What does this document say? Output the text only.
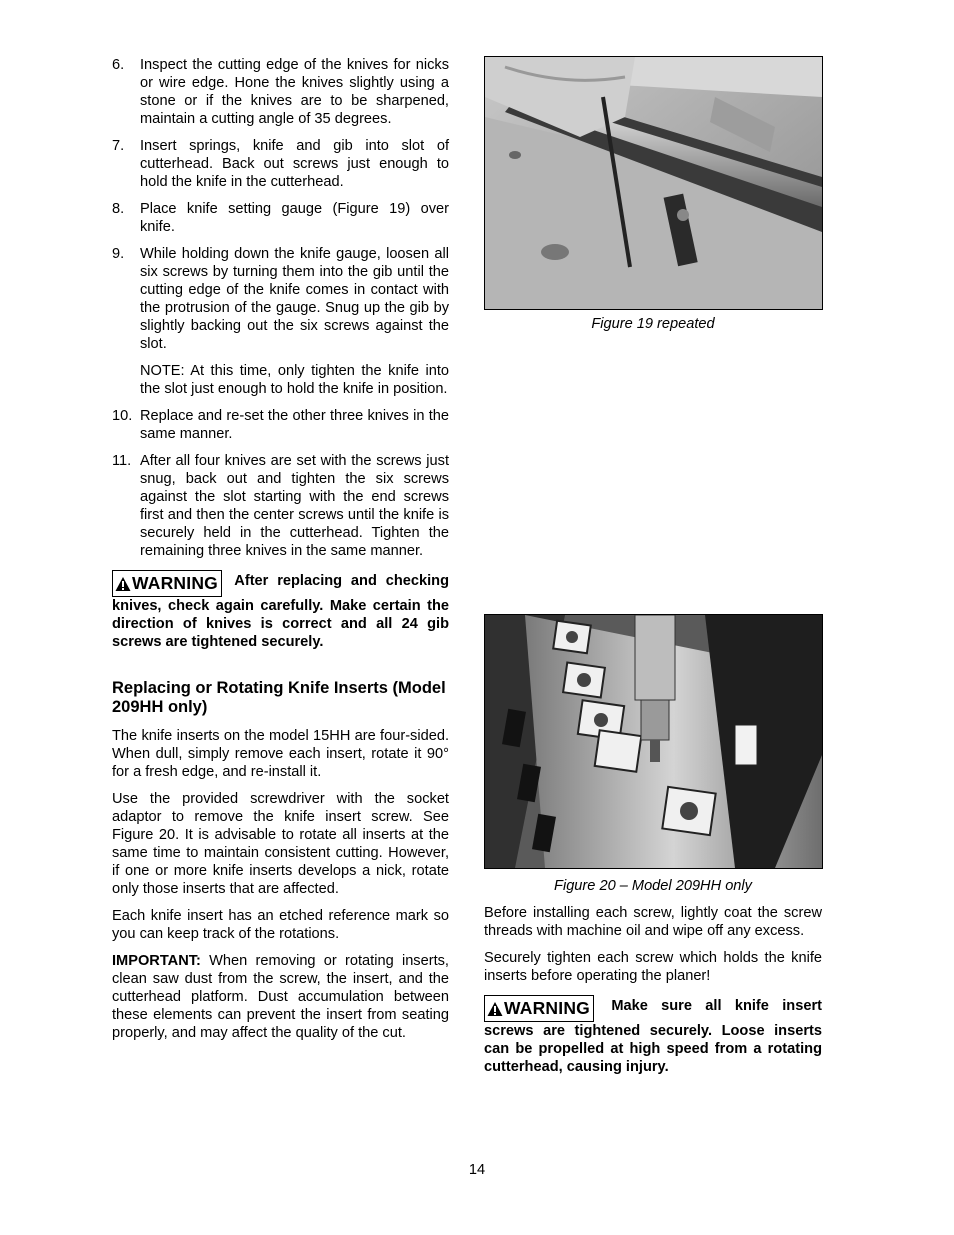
6. Inspect the cutting edge of the knives for nicks or wire edge. Hone the knives slightly using a stone or if the knives are to be sharpened, maintain a cutting angle of 35 degrees.

7. Insert springs, knife and gib into slot of cutterhead. Back out screws just enough to hold the knife in the cutterhead.

8. Place knife setting gauge (Figure 19) over knife.

9. While holding down the knife gauge, loosen all six screws by turning them into the gib until the cutting edge of the knife comes in contact with the protrusion of the gauge. Snug up the gib by slightly backing out the six screws against the slot.

NOTE: At this time, only tighten the knife into the slot just enough to hold the knife in position.

10. Replace and re-set the other three knives in the same manner.

11. After all four knives are set with the screws just snug, back out and tighten the six screws against the slot starting with the end screws first and then the center screws until the knife is securely held in the cutterhead. Tighten the remaining three knives in the same manner.

WARNING After replacing and checking knives, check again carefully. Make certain the direction of knives is correct and all 24 gib screws are tightened securely.

Replacing or Rotating Knife Inserts (Model 209HH only)

The knife inserts on the model 15HH are four-sided. When dull, simply remove each insert, rotate it 90° for a fresh edge, and re-install it.

Use the provided screwdriver with the socket adaptor to remove the knife insert screw. See Figure 20. It is advisable to rotate all inserts at the same time to maintain consistent cutting. However, if one or more knife inserts develops a nick, rotate only those inserts that are affected.

Each knife insert has an etched reference mark so you can keep track of the rotations.

IMPORTANT: When removing or rotating inserts, clean saw dust from the screw, the insert, and the cutterhead platform. Dust accumulation between these elements can prevent the insert from seating properly, and may affect the quality of the cut.

Figure 19 repeated
Figure 20 – Model 209HH only

Before installing each screw, lightly coat the screw threads with machine oil and wipe off any excess.

Securely tighten each screw which holds the knife inserts before operating the planer!

WARNING Make sure all knife insert screws are tightened securely. Loose inserts can be propelled at high speed from a rotating cutterhead, causing injury.

14
